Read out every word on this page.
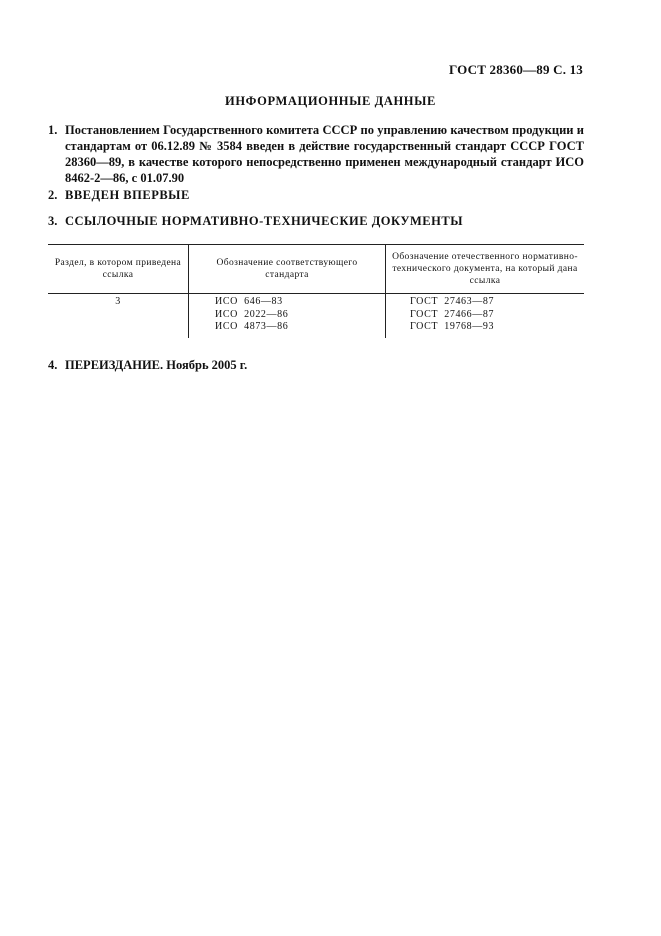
ГОСТ 28360—89 С. 13
ИНФОРМАЦИОННЫЕ ДАННЫЕ
1. Постановлением Государственного комитета СССР по управлению качеством продукции и стандартам от 06.12.89 № 3584 введен в действие государственный стандарт СССР ГОСТ 28360—89, в качестве которого непосредственно применен международный стандарт ИСО 8462-2—86, с 01.07.90
2. ВВЕДЕН ВПЕРВЫЕ
3. ССЫЛОЧНЫЕ НОРМАТИВНО-ТЕХНИЧЕСКИЕ ДОКУМЕНТЫ
Раздел, в котором приведена ссылка
Обозначение соответствующего стандарта
Обозначение отечественного нормативно-технического документа, на который дана ссылка
3	ИСО  646—83
ИСО  2022—86
ИСО  4873—86
ГОСТ  27463—87
ГОСТ  27466—87
ГОСТ  19768—93
4. ПЕРЕИЗДАНИЕ. Ноябрь 2005 г.
